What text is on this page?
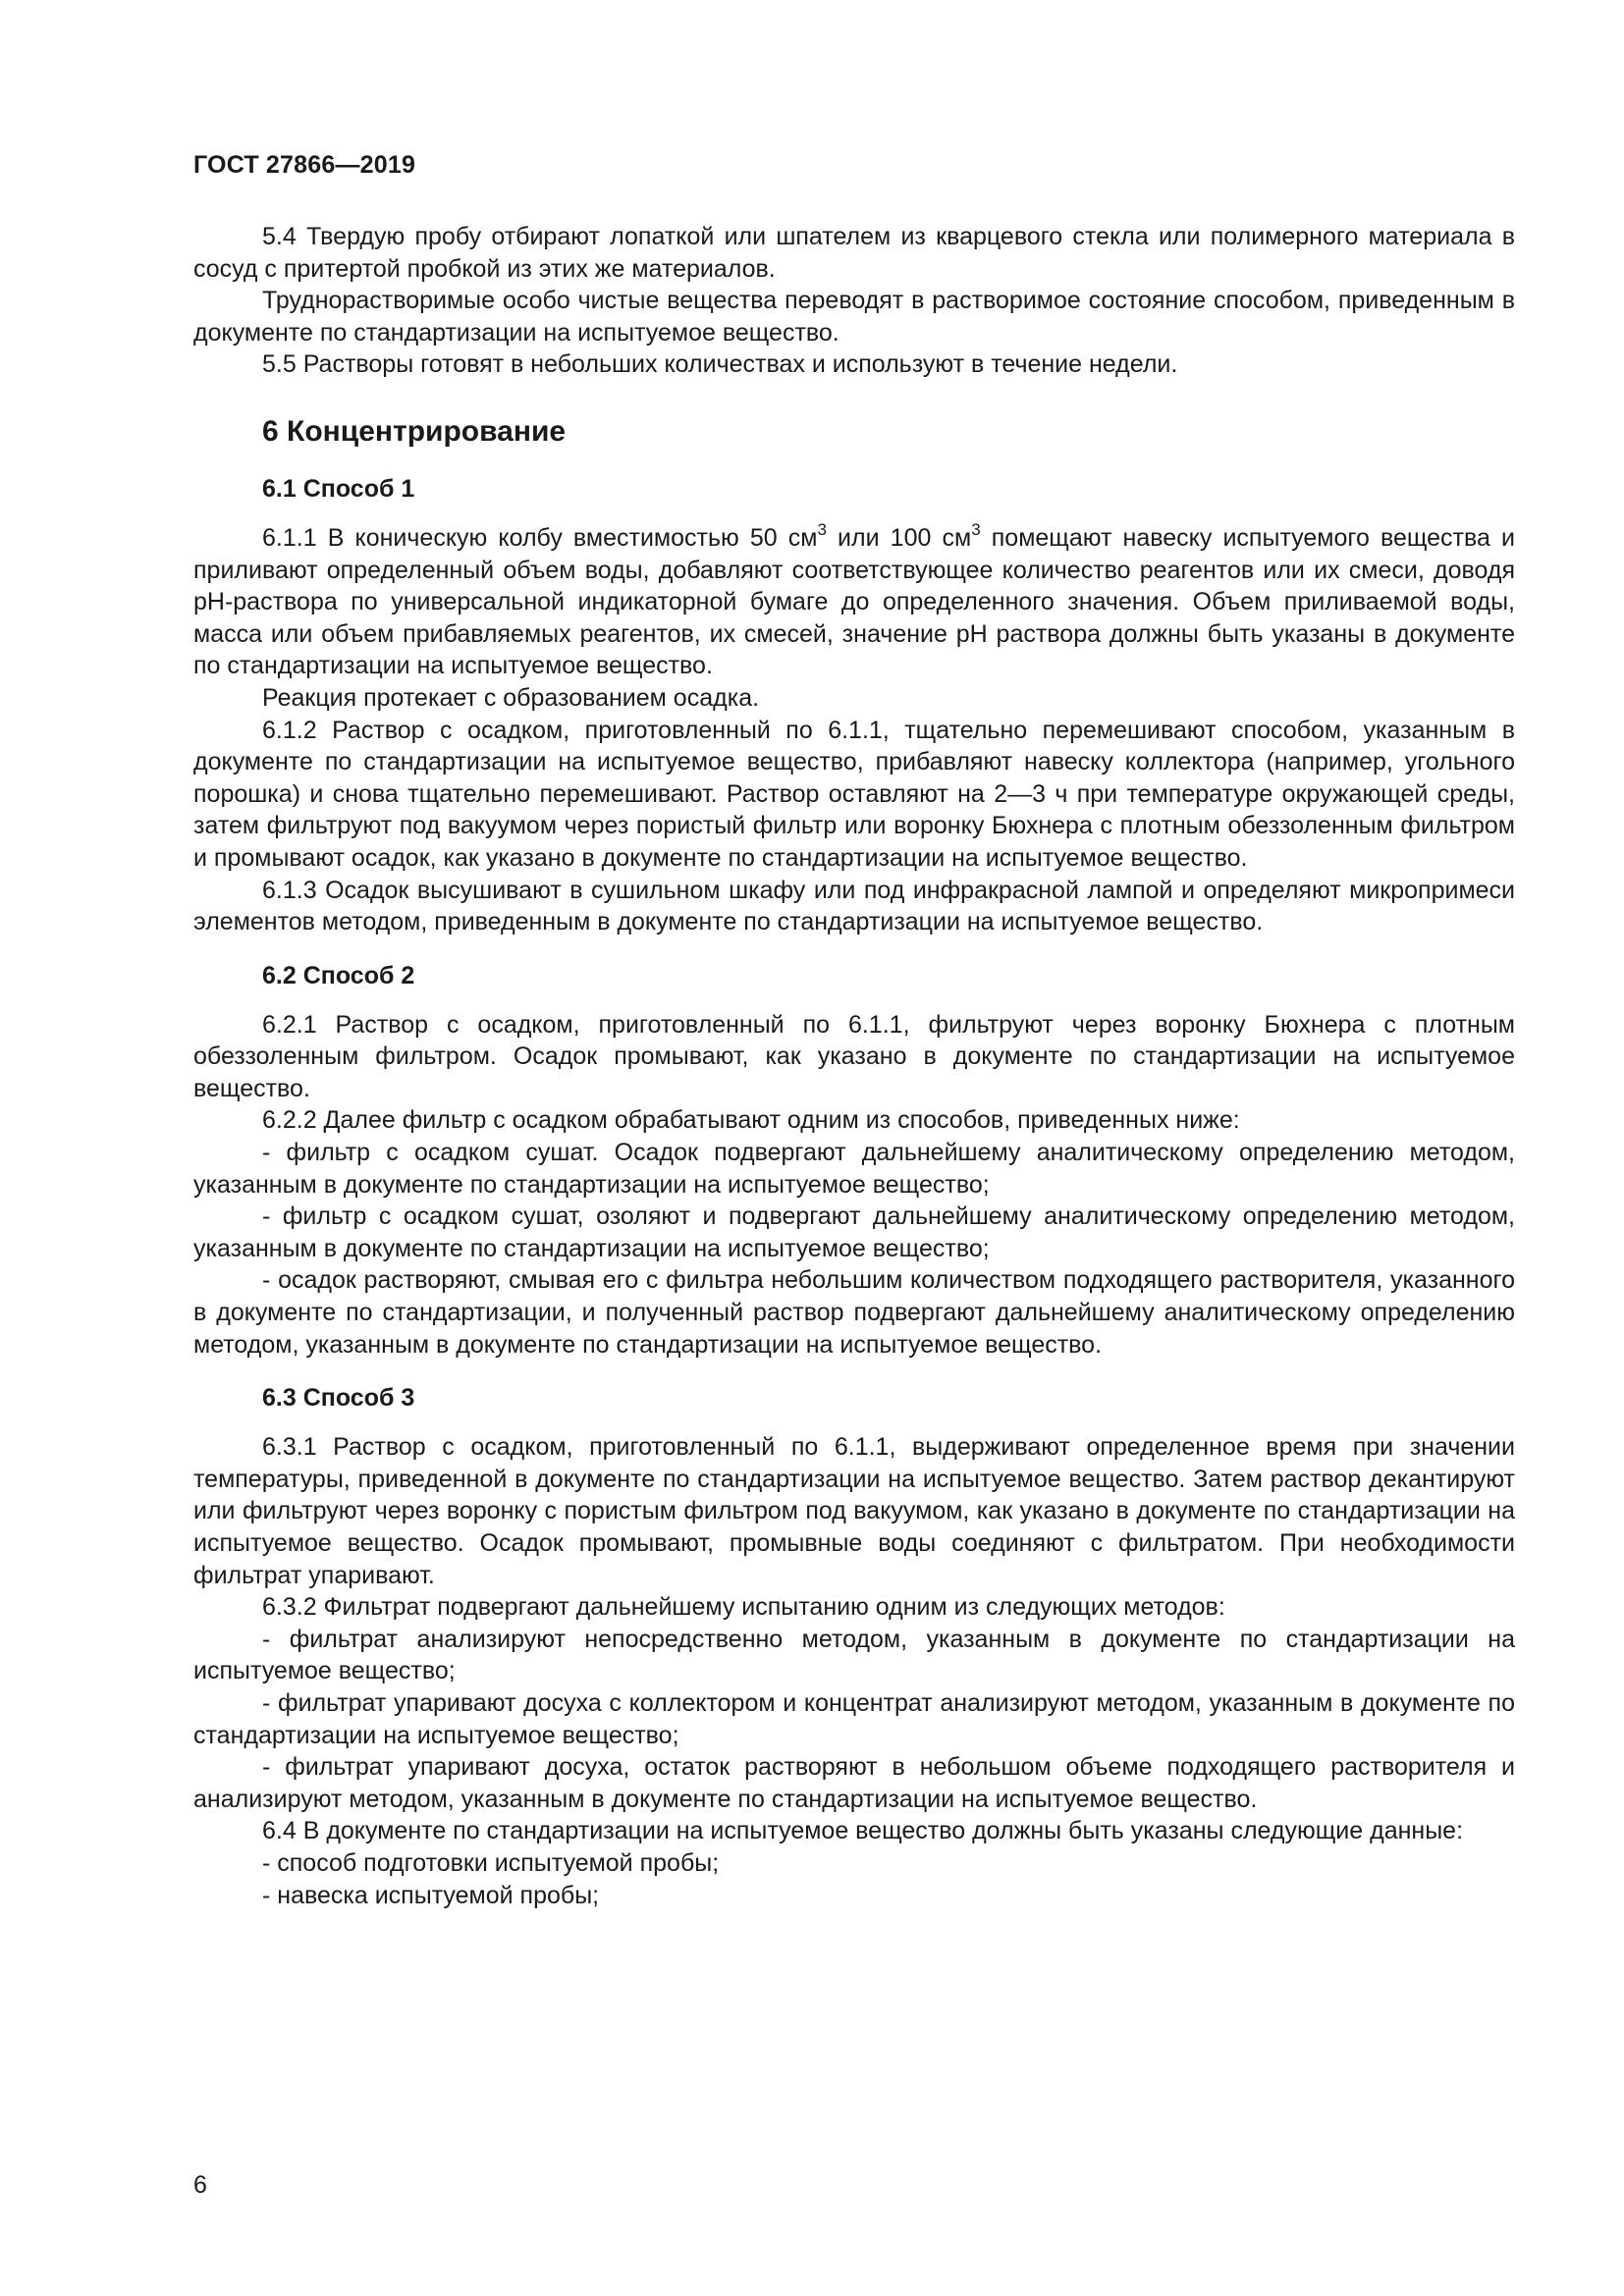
ГОСТ 27866—2019

5.4 Твердую пробу отбирают лопаткой или шпателем из кварцевого стекла или полимерного материала в сосуд с притертой пробкой из этих же материалов.

Труднорастворимые особо чистые вещества переводят в растворимое состояние способом, приведенным в документе по стандартизации на испытуемое вещество.

5.5 Растворы готовят в небольших количествах и используют в течение недели.

6 Концентрирование
6.1 Способ 1

6.1.1 В коническую колбу вместимостью 50 $см^3$ или 100 $см^3$ помещают навеску испытуемого вещества и приливают определенный объем воды, добавляют соответствующее количество реагентов или их смеси, доводя pH-раствора по универсальной индикаторной бумаге до определенного значения. Объем приливаемой воды, масса или объем прибавляемых реагентов, их смесей, значение pH раствора должны быть указаны в документе по стандартизации на испытуемое вещество.

Реакция протекает с образованием осадка.

6.1.2 Раствор с осадком, приготовленный по 6.1.1, тщательно перемешивают способом, указанным в документе по стандартизации на испытуемое вещество, прибавляют навеску коллектора (например, угольного порошка) и снова тщательно перемешивают. Раствор оставляют на 2—3 ч при температуре окружающей среды, затем фильтруют под вакуумом через пористый фильтр или воронку Бюхнера с плотным обеззоленным фильтром и промывают осадок, как указано в документе по стандартизации на испытуемое вещество.

6.1.3 Осадок высушивают в сушильном шкафу или под инфракрасной лампой и определяют микропримеси элементов методом, приведенным в документе по стандартизации на испытуемое вещество.

6.2 Способ 2

6.2.1 Раствор с осадком, приготовленный по 6.1.1, фильтруют через воронку Бюхнера с плотным обеззоленным фильтром. Осадок промывают, как указано в документе по стандартизации на испытуемое вещество.

6.2.2 Далее фильтр с осадком обрабатывают одним из способов, приведенных ниже:

- фильтр с осадком сушат. Осадок подвергают дальнейшему аналитическому определению методом, указанным в документе по стандартизации на испытуемое вещество;

- фильтр с осадком сушат, озоляют и подвергают дальнейшему аналитическому определению методом, указанным в документе по стандартизации на испытуемое вещество;

- осадок растворяют, смывая его с фильтра небольшим количеством подходящего растворителя, указанного в документе по стандартизации, и полученный раствор подвергают дальнейшему аналитическому определению методом, указанным в документе по стандартизации на испытуемое вещество.

6.3 Способ 3

6.3.1 Раствор с осадком, приготовленный по 6.1.1, выдерживают определенное время при значении температуры, приведенной в документе по стандартизации на испытуемое вещество. Затем раствор декантируют или фильтруют через воронку с пористым фильтром под вакуумом, как указано в документе по стандартизации на испытуемое вещество. Осадок промывают, промывные воды соединяют с фильтратом. При необходимости фильтрат упаривают.

6.3.2 Фильтрат подвергают дальнейшему испытанию одним из следующих методов:

- фильтрат анализируют непосредственно методом, указанным в документе по стандартизации на испытуемое вещество;

- фильтрат упаривают досуха с коллектором и концентрат анализируют методом, указанным в документе по стандартизации на испытуемое вещество;

- фильтрат упаривают досуха, остаток растворяют в небольшом объеме подходящего растворителя и анализируют методом, указанным в документе по стандартизации на испытуемое вещество.

6.4 В документе по стандартизации на испытуемое вещество должны быть указаны следующие данные:

- способ подготовки испытуемой пробы;

- навеска испытуемой пробы;

6
